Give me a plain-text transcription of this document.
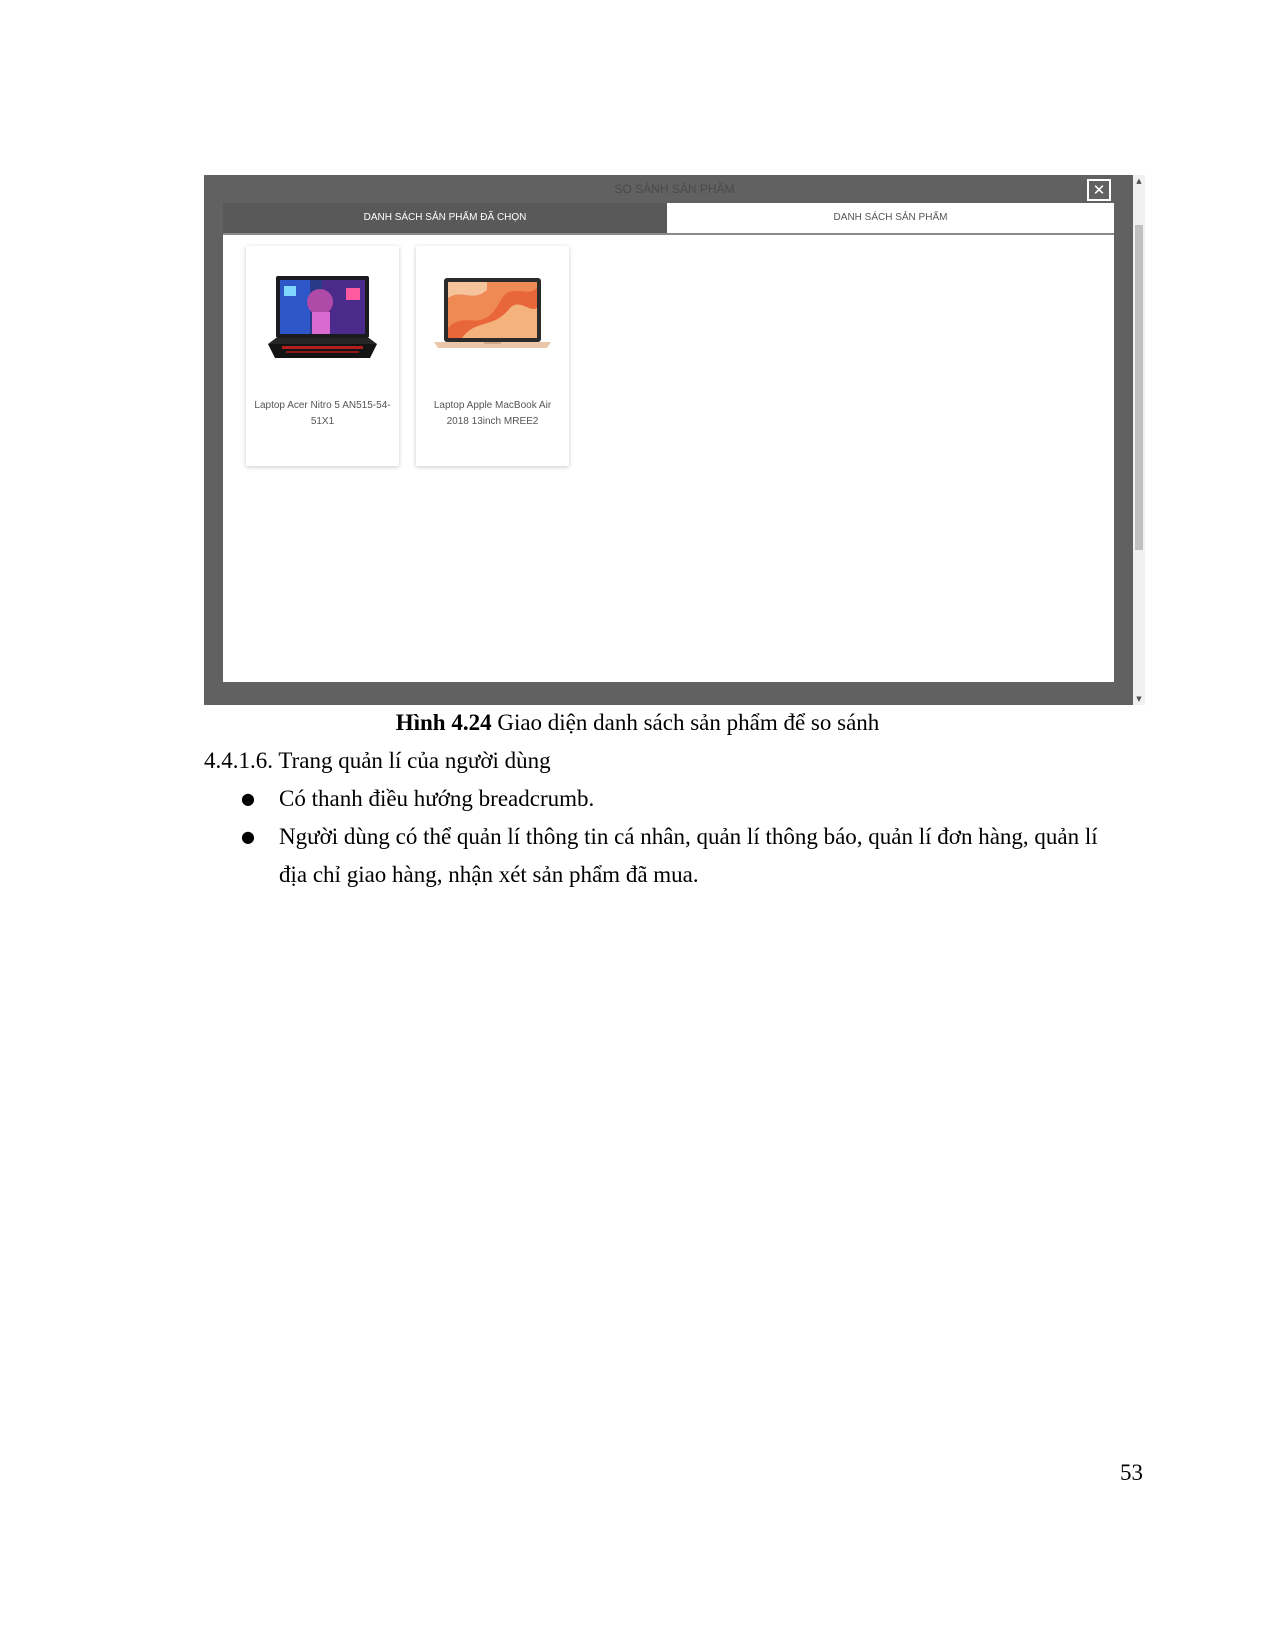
SO SÁNH SẢN PHẨM	✕
DANH SÁCH SẢN PHẨM ĐÃ CHỌN	DANH SÁCH SẢN PHẨM
Laptop Acer Nitro 5 AN515-54-51X1
Laptop Apple MacBook Air 2018 13inch MREE2
▲
▼
Hình 4.24 Giao diện danh sách sản phẩm để so sánh
4.4.1.6. Trang quản lí của người dùng
● Có thanh điều hướng breadcrumb.
● Người dùng có thể quản lí thông tin cá nhân, quản lí thông báo, quản lí đơn hàng, quản lí địa chỉ giao hàng, nhận xét sản phẩm đã mua.
53
